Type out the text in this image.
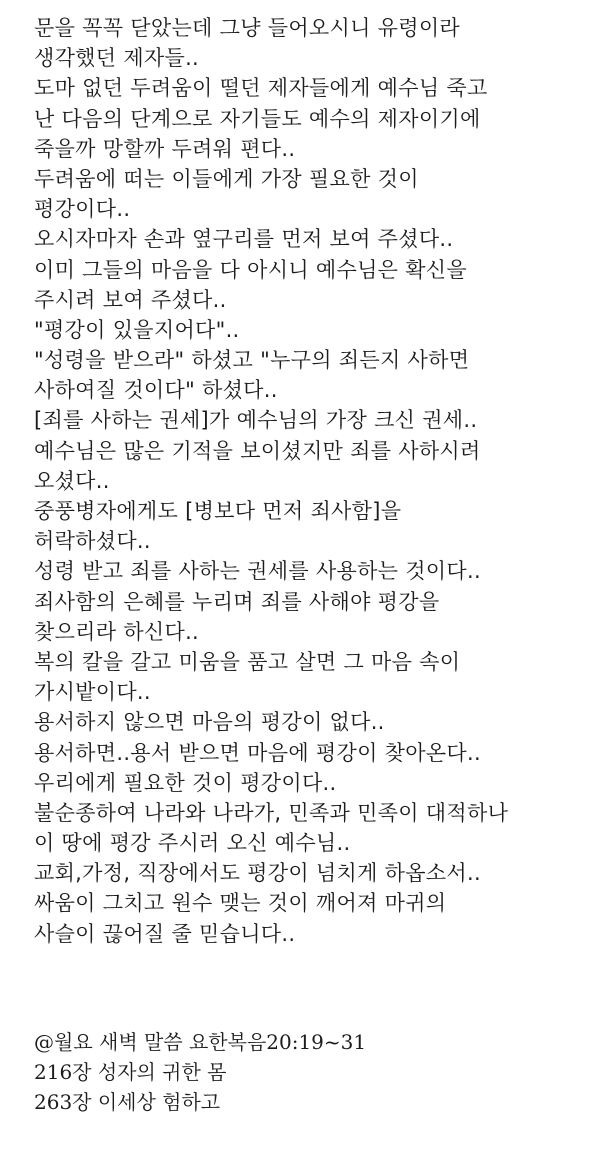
문을 꼭꼭 닫았는데 그냥 들어오시니 유령이라
생각했던 제자들..
도마 없던 두려움이 떨던 제자들에게 예수님 죽고
난 다음의 단계으로 자기들도 예수의 제자이기에
죽을까 망할까 두려워 편다..
두려움에 떠는 이들에게 가장 필요한 것이
평강이다..
오시자마자 손과 옆구리를 먼저 보여 주셨다..
이미 그들의 마음을 다 아시니 예수님은 확신을
주시려 보여 주셨다..
"평강이 있을지어다"..
"성령을 받으라" 하셨고 "누구의 죄든지 사하면
사하여질 것이다" 하셨다..
[죄를 사하는 권세]가 예수님의 가장 크신 권세..
예수님은 많은 기적을 보이셨지만 죄를 사하시려
오셨다..
중풍병자에게도 [병보다 먼저 죄사함]을
허락하셨다..
성령 받고 죄를 사하는 권세를 사용하는 것이다..
죄사함의 은혜를 누리며 죄를 사해야 평강을
찾으리라 하신다..
복의 칼을 갈고 미움을 품고 살면 그 마음 속이
가시밭이다..
용서하지 않으면 마음의 평강이 없다..
용서하면..용서 받으면 마음에 평강이 찾아온다..
우리에게 필요한 것이 평강이다..
불순종하여 나라와 나라가, 민족과 민족이 대적하나
이 땅에 평강 주시러 오신 예수님..
교회,가정, 직장에서도 평강이 넘치게 하옵소서..
싸움이 그치고 원수 맺는 것이 깨어져 마귀의
사슬이 끊어질 줄 믿습니다..
@월요 새벽 말씀 요한복음20:19~31
216장 성자의 귀한 몸
263장 이세상 험하고
